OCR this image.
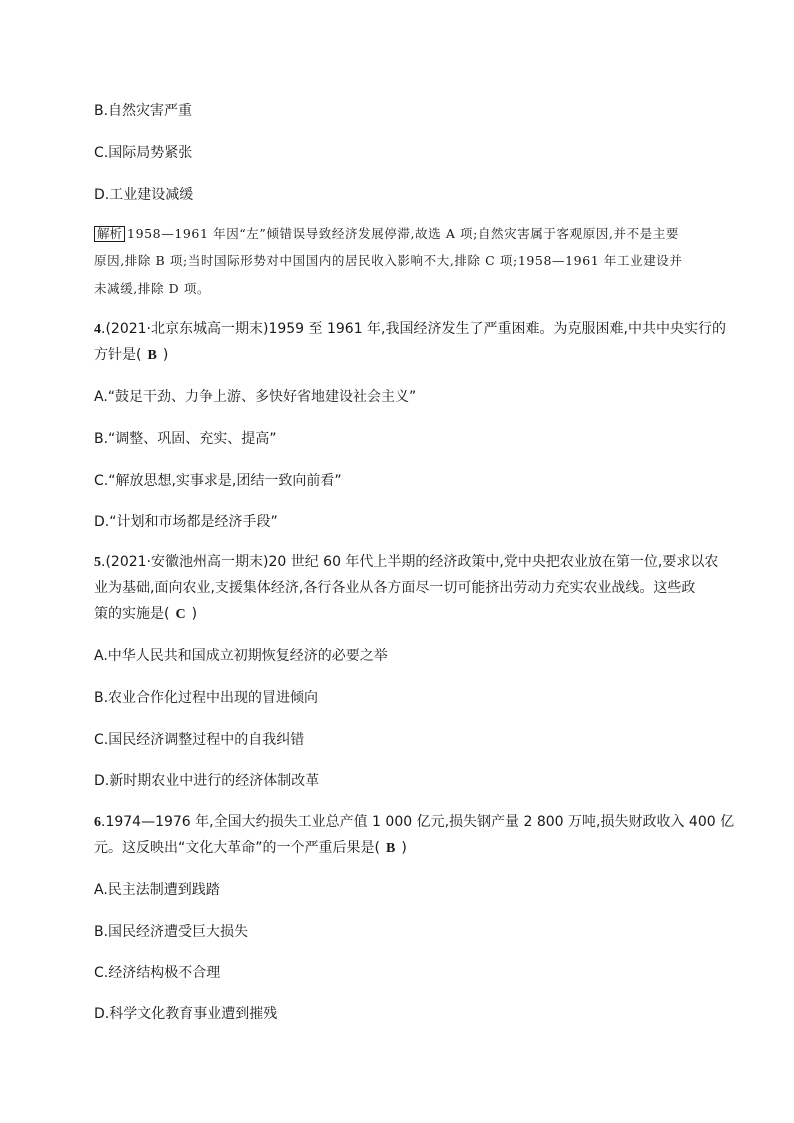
B.自然灾害严重
C.国际局势紧张
D.工业建设减缓
解析 1958—1961 年因“左”倾错误导致经济发展停滞,故选 A 项;自然灾害属于客观原因,并不是主要
原因,排除 B 项;当时国际形势对中国国内的居民收入影响不大,排除 C 项;1958—1961 年工业建设并
未减缓,排除 D 项。
4.(2021·北京东城高一期末)1959 至 1961 年,我国经济发生了严重困难。为克服困难,中共中央实行的
方针是( B )
A.“鼓足干劲、力争上游、多快好省地建设社会主义”
B.“调整、巩固、充实、提高”
C.“解放思想,实事求是,团结一致向前看”
D.“计划和市场都是经济手段”
5.(2021·安徽池州高一期末)20 世纪 60 年代上半期的经济政策中,党中央把农业放在第一位,要求以农
业为基础,面向农业,支援集体经济,各行各业从各方面尽一切可能挤出劳动力充实农业战线。这些政
策的实施是( C )
A.中华人民共和国成立初期恢复经济的必要之举
B.农业合作化过程中出现的冒进倾向
C.国民经济调整过程中的自我纠错
D.新时期农业中进行的经济体制改革
6.1974—1976 年,全国大约损失工业总产值 1 000 亿元,损失钢产量 2 800 万吨,损失财政收入 400 亿
元。这反映出“文化大革命”的一个严重后果是( B )
A.民主法制遭到践踏
B.国民经济遭受巨大损失
C.经济结构极不合理
D.科学文化教育事业遭到摧残
